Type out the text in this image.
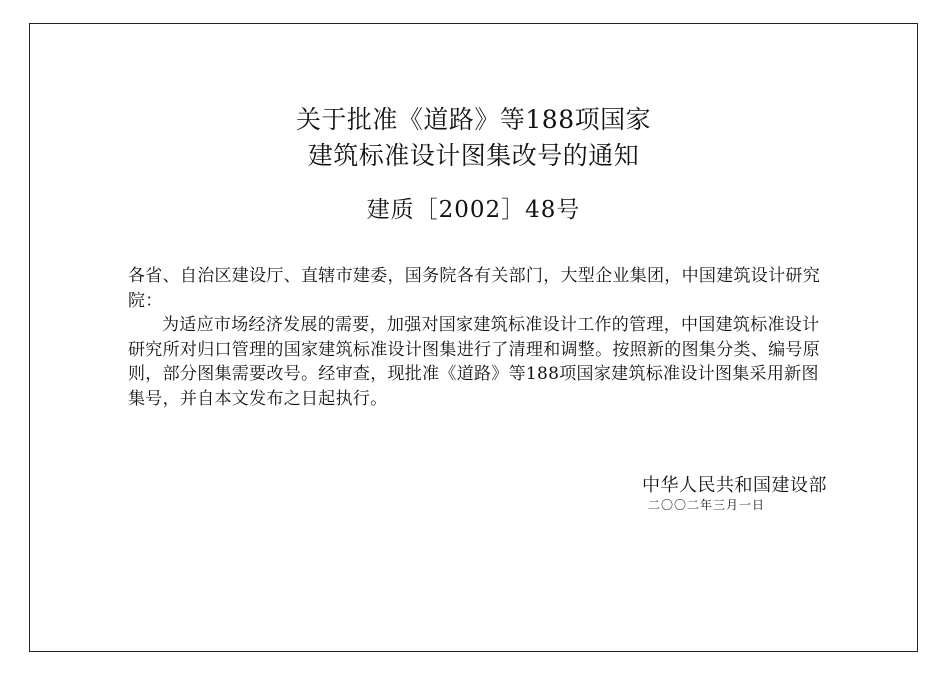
关于批准《道路》等188项国家
建筑标准设计图集改号的通知
建质［2002］48号
各省、自治区建设厅、直辖市建委，国务院各有关部门，大型企业集团，中国建筑设计研究院：
为适应市场经济发展的需要，加强对国家建筑标准设计工作的管理，中国建筑标准设计研究所对归口管理的国家建筑标准设计图集进行了清理和调整。按照新的图集分类、编号原则，部分图集需要改号。经审查，现批准《道路》等188项国家建筑标准设计图集采用新图集号，并自本文发布之日起执行。
中华人民共和国建设部
二〇〇二年三月一日
